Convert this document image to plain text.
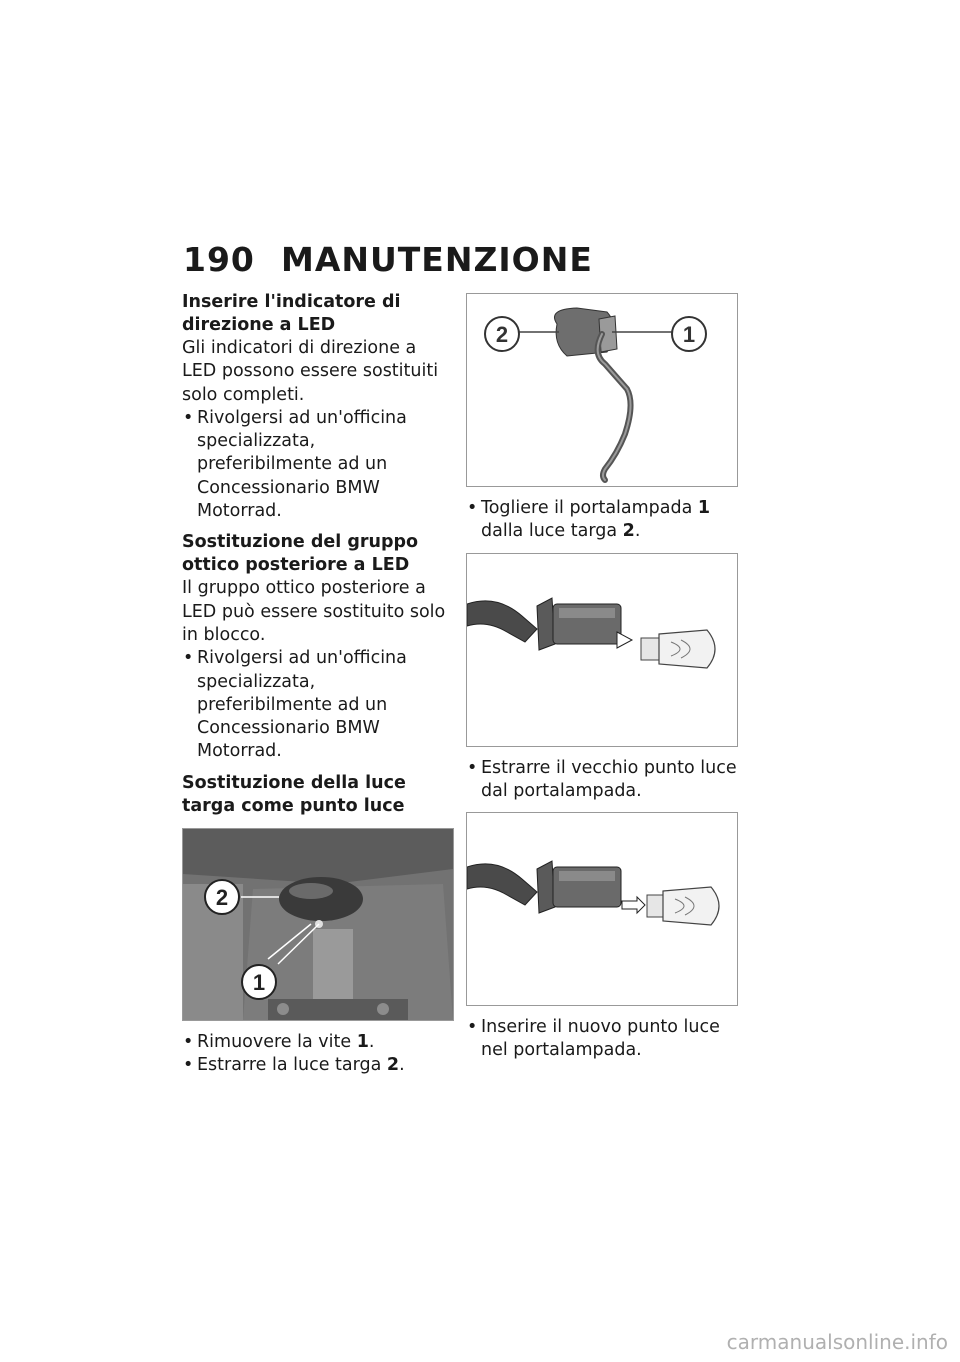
190 MANUTENZIONE
Inserire l'indicatore di direzione a LED

Gli indicatori di direzione a LED possono essere sostituiti solo completi.

• Rivolgersi ad un'officina specializzata, preferibilmente ad un Concessionario BMW Motorrad.
Sostituzione del gruppo ottico posteriore a LED

Il gruppo ottico posteriore a LED può essere sostituito solo in blocco.

• Rivolgersi ad un'officina specializzata, preferibilmente ad un Concessionario BMW Motorrad.
Sostituzione della luce targa come punto luce
2
1
• Rimuovere la vite 1.
• Estrarre la luce targa 2.
2	1
• Togliere il portalampada 1 dalla luce targa 2.
• Estrarre il vecchio punto luce dal portalampada.
• Inserire il nuovo punto luce nel portalampada.
carmanualsonline.info
